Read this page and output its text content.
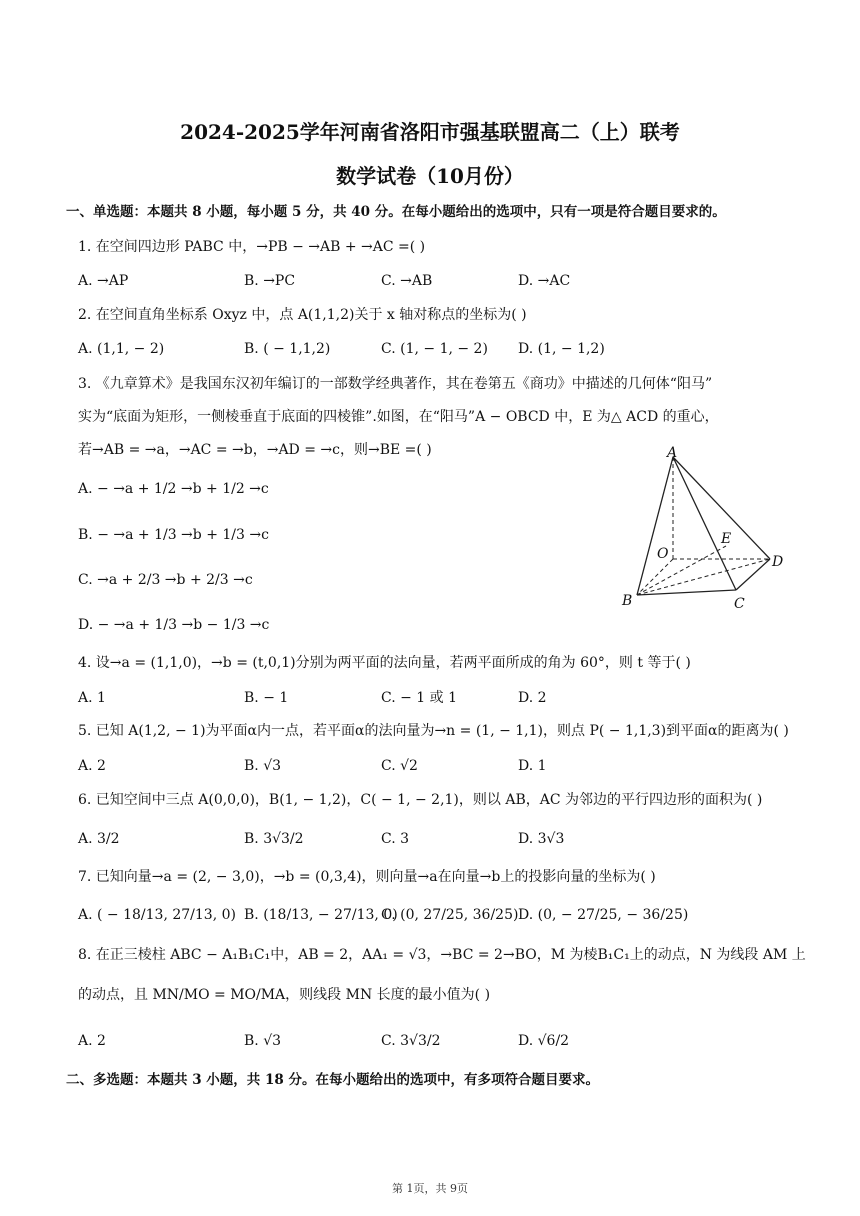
2024-2025学年河南省洛阳市强基联盟高二（上）联考
数学试卷（10月份）
一、单选题：本题共 8 小题，每小题 5 分，共 40 分。在每小题给出的选项中，只有一项是符合题目要求的。
1. 在空间四边形 PABC 中，→PB − →AB + →AC =( )
A. →AP	B. →PC	C. →AB	D. →AC
2. 在空间直角坐标系 Oxyz 中，点 A(1,1,2)关于 x 轴对称点的坐标为( )
A. (1,1, − 2)	B. ( − 1,1,2)	C. (1, − 1, − 2) D. (1, − 1,2)
3. 《九章算术》是我国东汉初年编订的一部数学经典著作，其在卷第五《商功》中描述的几何体“阳马”
实为“底面为矩形，一侧棱垂直于底面的四棱锥”.如图，在“阳马”A − OBCD 中，E 为△ ACD 的重心，
若→AB = →a，→AC = →b，→AD = →c，则→BE =( )
A. − →a + 1/2 →b + 1/2 →c
B. − →a + 1/3 →b + 1/3 →c
C. →a + 2/3 →b + 2/3 →c
D. − →a + 1/3 →b − 1/3 →c
A
O
E
D
B	C
4. 设→a = (1,1,0)，→b = (t,0,1)分别为两平面的法向量，若两平面所成的角为 60°，则 t 等于( )
A. 1	B. − 1	C. − 1 或 1	D. 2
5. 已知 A(1,2, − 1)为平面α内一点，若平面α的法向量为→n = (1, − 1,1)，则点 P( − 1,1,3)到平面α的距离为( )
A. 2	B. √3	C. √2	D. 1
6. 已知空间中三点 A(0,0,0)，B(1, − 1,2)，C( − 1, − 2,1)，则以 AB，AC 为邻边的平行四边形的面积为( )
A. 3/2	B. 3√3/2	C. 3	D. 3√3
7. 已知向量→a = (2, − 3,0)，→b = (0,3,4)，则向量→a在向量→b上的投影向量的坐标为( )
A. ( − 18/13, 27/13, 0) B. (18/13, − 27/13, 0)
C. (0, 27/25, 36/25) D. (0, − 27/25, − 36/25)
8. 在正三棱柱 ABC − A₁B₁C₁中，AB = 2，AA₁ = √3，→BC = 2→BO，M 为棱B₁C₁上的动点，N 为线段 AM 上
的动点，且 MN/MO = MO/MA，则线段 MN 长度的最小值为( )
A. 2	B. √3	C. 3√3/2	D. √6/2
二、多选题：本题共 3 小题，共 18 分。在每小题给出的选项中，有多项符合题目要求。
第 1页，共 9页
